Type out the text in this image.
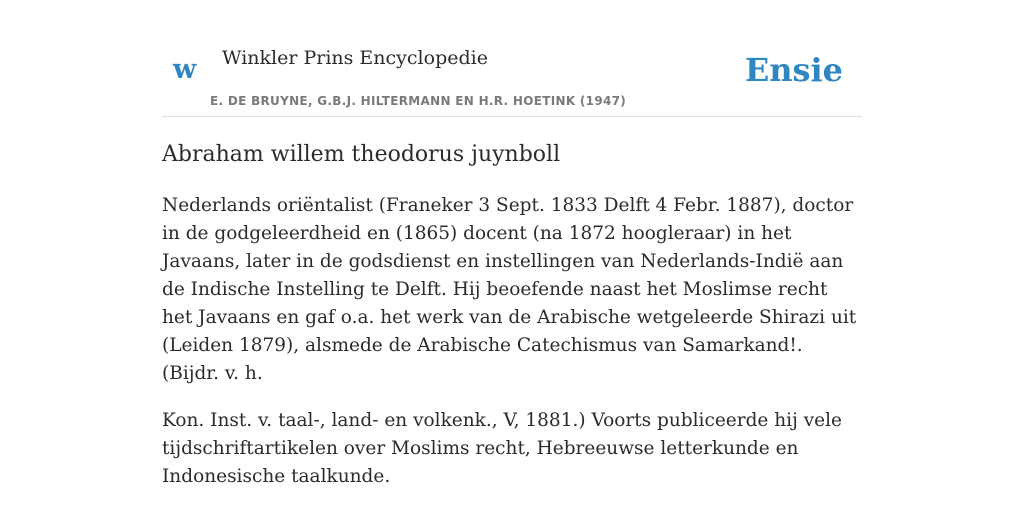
w Winkler Prins Encyclopedie
E. DE BRUYNE, G.B.J. HILTERMANN EN H.R. HOETINK (1947)
Ensie
Abraham willem theodorus juynboll

Nederlands oriëntalist (Franeker 3 Sept. 1833 Delft 4 Febr. 1887), doctor in de godgeleerdheid en (1865) docent (na 1872 hoogleraar) in het Javaans, later in de godsdienst en instellingen van Nederlands-Indië aan de Indische Instelling te Delft. Hij beoefende naast het Moslimse recht het Javaans en gaf o.a. het werk van de Arabische wetgeleerde Shirazi uit (Leiden 1879), alsmede de Arabische Catechismus van Samarkand!. (Bijdr. v. h.

Kon. Inst. v. taal-, land- en volkenk., V, 1881.) Voorts publiceerde hij vele tijdschriftartikelen over Moslims recht, Hebreeuwse letterkunde en Indonesische taalkunde.
